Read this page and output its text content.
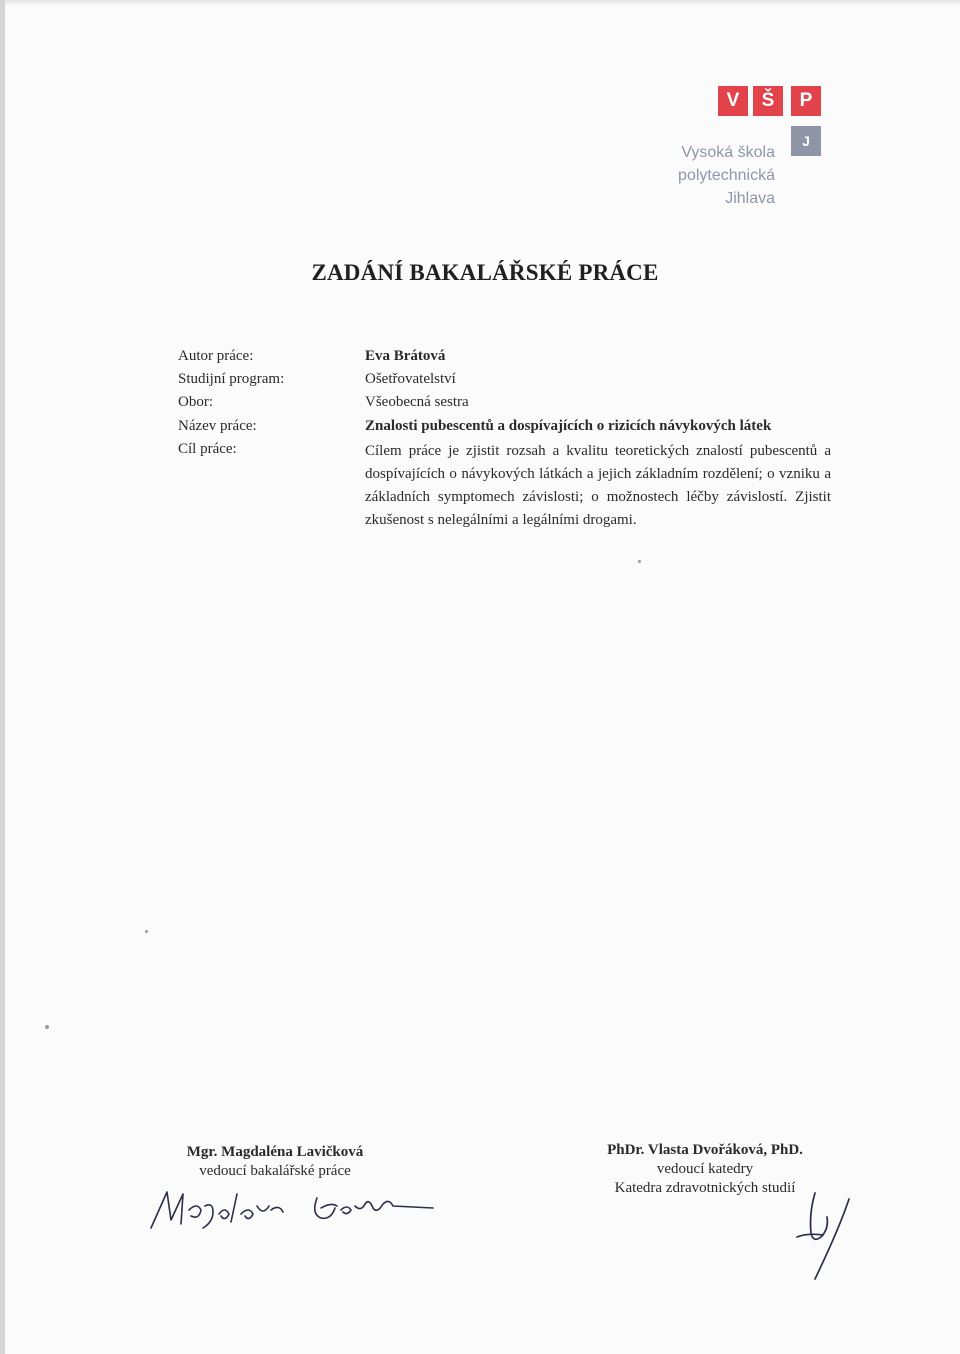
V	Š	P
J
Vysoká škola
polytechnická
Jihlava
ZADÁNÍ BAKALÁŘSKÉ PRÁCE
Autor práce:	Eva Brátová
Studijní program:	Ošetřovatelství
Obor:	Všeobecná sestra
Název práce:	Znalosti pubescentů a dospívajících o rizicích návykových látek
Cíl práce:	Cílem práce je zjistit rozsah a kvalitu teoretických znalostí pubescentů a dospívajících o návykových látkách a jejich základním rozdělení; o vzniku a základních symptomech závislosti; o možnostech léčby závislostí. Zjistit zkušenost s nelegálními a legálními drogami.
Mgr. Magdaléna Lavičková
vedoucí bakalářské práce
PhDr. Vlasta Dvořáková, PhD.
vedoucí katedry
Katedra zdravotnických studií
